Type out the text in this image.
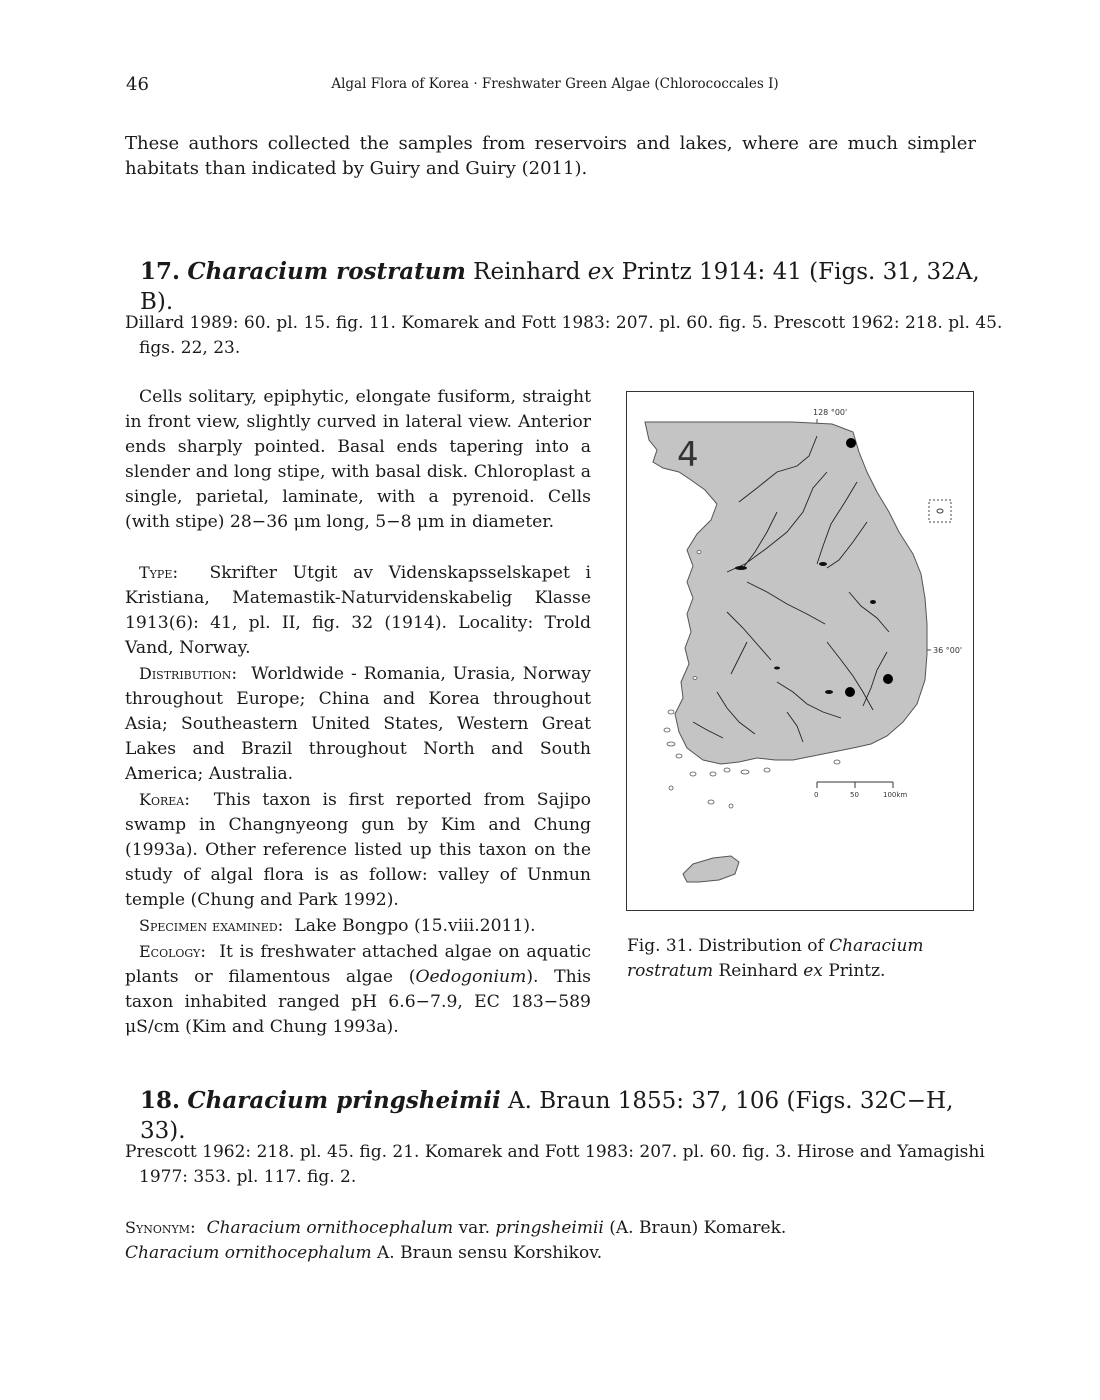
46	Algal Flora of Korea · Freshwater Green Algae (Chlorococcales I)
These authors collected the samples from reservoirs and lakes, where are much simpler habitats than indicated by Guiry and Guiry (2011).
17. Characium rostratum Reinhard ex Printz 1914: 41 (Figs. 31, 32A, B).
Dillard 1989: 60. pl. 15. fig. 11. Komarek and Fott 1983: 207. pl. 60. fig. 5. Prescott 1962: 218. pl. 45.
figs. 22, 23.

Cells solitary, epiphytic, elongate fusiform, straight in front view, slightly curved in lateral view. Anterior ends sharply pointed. Basal ends tapering into a slender and long stipe, with basal disk. Chloroplast a single, parietal, laminate, with a pyrenoid. Cells (with stipe) 28−36 μm long, 5−8 μm in diameter.

Type:  Skrifter Utgit av Videnskapsselskapet i Kristiana, Matemastik-Naturvidenskabelig Klasse 1913(6): 41, pl. II, fig. 32 (1914). Locality: Trold Vand, Norway.

Distribution:  Worldwide - Romania, Urasia, Norway throughout Europe; China and Korea throughout Asia; Southeastern United States, Western Great Lakes and Brazil throughout North and South America; Australia.

Korea:  This taxon is first reported from Sajipo swamp in Changnyeong gun by Kim and Chung (1993a). Other reference listed up this taxon on the study of algal flora is as follow: valley of Unmun temple (Chung and Park 1992).

Specimen examined:  Lake Bongpo (15.viii.2011).

Ecology:  It is freshwater attached algae on aquatic plants or filamentous algae (Oedogonium). This taxon inhabited ranged pH 6.6−7.9, EC 183−589 μS/cm (Kim and Chung 1993a).

128 °00'
36 °00'
4
0	50	100km
Fig. 31. Distribution of Characium rostratum Reinhard ex Printz.
18. Characium pringsheimii A. Braun 1855: 37, 106 (Figs. 32C−H, 33).
Prescott 1962: 218. pl. 45. fig. 21. Komarek and Fott 1983: 207. pl. 60. fig. 3. Hirose and Yamagishi
1977: 353. pl. 117. fig. 2.
Synonym:  Characium ornithocephalum var. pringsheimii (A. Braun) Komarek.
Characium ornithocephalum A. Braun sensu Korshikov.
